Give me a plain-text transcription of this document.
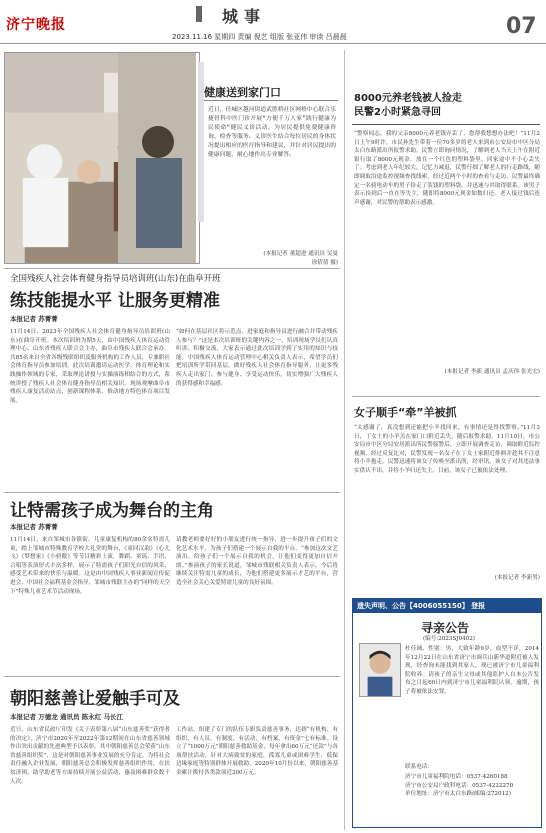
济宁晚报	城事
2023.11.16 星期四 责编 倪艺 组版 张亚伟 审读 吕晨晨	07
健康送到家门口
近日，任城区越河街道武胜桥社区网格中心联合乐捷骨科中医门诊开展“方便千万人家”践行健康为民使命“健民义诊活动，为居民提供免费健康咨询、检查等服务。义诊医生结合每位居民的身体状况提出相应的医疗指导和建议，并针对居民提出的健康问题，耐心地作出专业解答。
(本报记者 董超进 通讯员 吴曼 徐倩倩 摄)
全国残疾人社会体育健身指导员培训班(山东)在曲阜开班
练技能提水平 让服务更精准
本报记者 苏菁菁
11月14日，2023年全国残疾人社会体育健身指导员培训班(山东)在曲阜开班。本次培训班为期5天，由中国残疾人体育运动管理中心、山东省残疾人联合会主办，曲阜市残疾人联合会承办。共85名来自全省各级残联组织及服务机构的工作人员、专兼职社会体育指导员参加培训。此次培训邀请运动医学、体育理论和实践操作领域的专家，采取理论讲授与实操演练相结合的方式，系统讲授了残疾人社会体育健身指导员相关知识。现场观摩曲阜市残疾人康复活动站点，创新课程体系，推动地方特色体育项目发展。
“如何在基层社区将示范点、进家庭和指导员进行融合并带动残疾人参与？”这是本次培训班的关键内容之一。培训现场学员们认真听讲、积极交流，大家表示通过此次培训学到了实用的知识与技能。中国残疾人体育运动管理中心相关负责人表示，希望学员们把培训所学带回基层，做好残疾人社会体育指导服务，让更多残疾人走出家门、参与健身、享受运动快乐，切实增强广大残疾人的获得感和幸福感。
让特需孩子成为舞台的主角
本报记者 苏菁菁
11月14日，来自邹城市各镇街、儿童康复机构的80余名特需儿童，踏上邹城市特殊教育学校大礼堂的舞台，《童回汉韵》《心儿飞》《梦想家》《小骄傲》等节目精彩上演，舞蹈、童谣、手语、合唱等表演形式丰富多样，展示了特需孩子们阳光自信的风采，感受艺术带来的快乐与温暖。这是由中国残疾人事业新闻宣传促进会、中国社会福利基金会指导，邹城市残联主办的“同样的天空下”特殊儿童艺术节活动现场。
请教老师要好好的小朋友进行统一指导，进一步提升孩子们的文化艺术水平，为孩子们搭建一个展示自我的平台。“参加这次文艺演出，给孩子们一个展示自我的机会，让他们变得更加自信开朗。”参演孩子的家长说道。邹城市残联相关负责人表示，今后将继续关注特需儿童的成长，为他们搭建更多展示才艺的平台，营造全社会关心关爱特需儿童的良好氛围。
朝阳慈善让爱触手可及
本报记者 万德龙 通讯员 陈永红 马长江
近日，山东省民政厅印发《关于表彰第八届“山东慈善奖”获得者的决定》，济宁市2020年至2022年第12期间在山东省慈善领域作出突出贡献的先进典型予以表彰。其中朝阳慈善总会荣获“山东省慈善组织奖”，这是对朝阳慈善事业发展的充分肯定。为将社会责任融入企业发展，朝阳慈善总会积极发挥慈善组织作用，在扶贫济困、助学助老等方面持续开展公益活动，惠及困难群众数千人次。
工作站，组建了专门的队伍专职负责慈善事务，达到“有机构、有组织、有人员、有制度、有活动、有档案、有资金”七有标准。设立了“1000万元”朝阳慈善救助基金，每年拿出60万元“还款”与各项帮扶活动，针对大病致贫的家庭、孤寡儿童或困难学生，低保边缘家庭等特别群体开展救助，2020年10月份以来，朝阳慈善基金累计拨付各类款项近200万元。
8000元养老钱被人捡走
民警2小时紧急寻回
“警察同志，我的父亲8000元养老钱弄丢了，您帮我想想办法吧！”11月2日上午9时许，市民孙先生带着一位70多岁的老人来到市公安局市中区分局太白东路派出所报警求助。民警立即询问情况，了解到老人当天上午在附近银行取了8000元现金，放在一个红色的塑料袋里，回家途中不小心丢失了。考虑到老人年纪较大，记忆力减退，民警仔细了解老人的行走路线，随即调取沿途监控视频查找线索。经过近两个小时的查看与走访，民警最终确定一名骑电动车的男子捡走了装钱的塑料袋，并迅速与其取得联系。该男子表示捡到后一直在等失主，随即将8000元现金如数归还。老人接过钱后连声感谢，对民警的帮助表示感激。
(本报记者 李新 通讯员 孟庆伟 张光宏)
女子顺手“牵”羊被抓
“太感谢了，真没想到还能把小羊找回来，有事情还是得找警察。”11月3日，丁女士的小羊羔在家门口附近丢失，随后报警求助。11月10日，市公安局市中区分局安居派出所民警接警后，立即开展调查走访，调取附近监控视频。经过反复比对，民警发现一名女子在丁女士家附近徘徊并趁其不注意将小羊抱走。民警迅速将该女子传唤至派出所，经审讯，该女子对其违法事实供认不讳，并将小羊归还失主。目前，该女子已被依法处理。
(本报记者 李新男)
遗失声明、公告【4006055150】 登报
寻亲公告
(编号:2023SJ0402)
杜佳铖，性别：男，大致年龄9岁，血型不详，2014年12月22日在山东省济宁市调兵山新华道附近被人发现，经查询未能找到其家人。现已被济宁市儿童福利院收养。请孩子的亲生父母或其他监护人自本公告发布之日起60日内到济宁市儿童福利院认领。逾期，孩子将被依法安置。
联系电话：
济宁市儿童福利院电话：0537-4260188
济宁市公安局户政科电话：0537-4222270
单位地址：济宁市太白东路(邮编:272012)
